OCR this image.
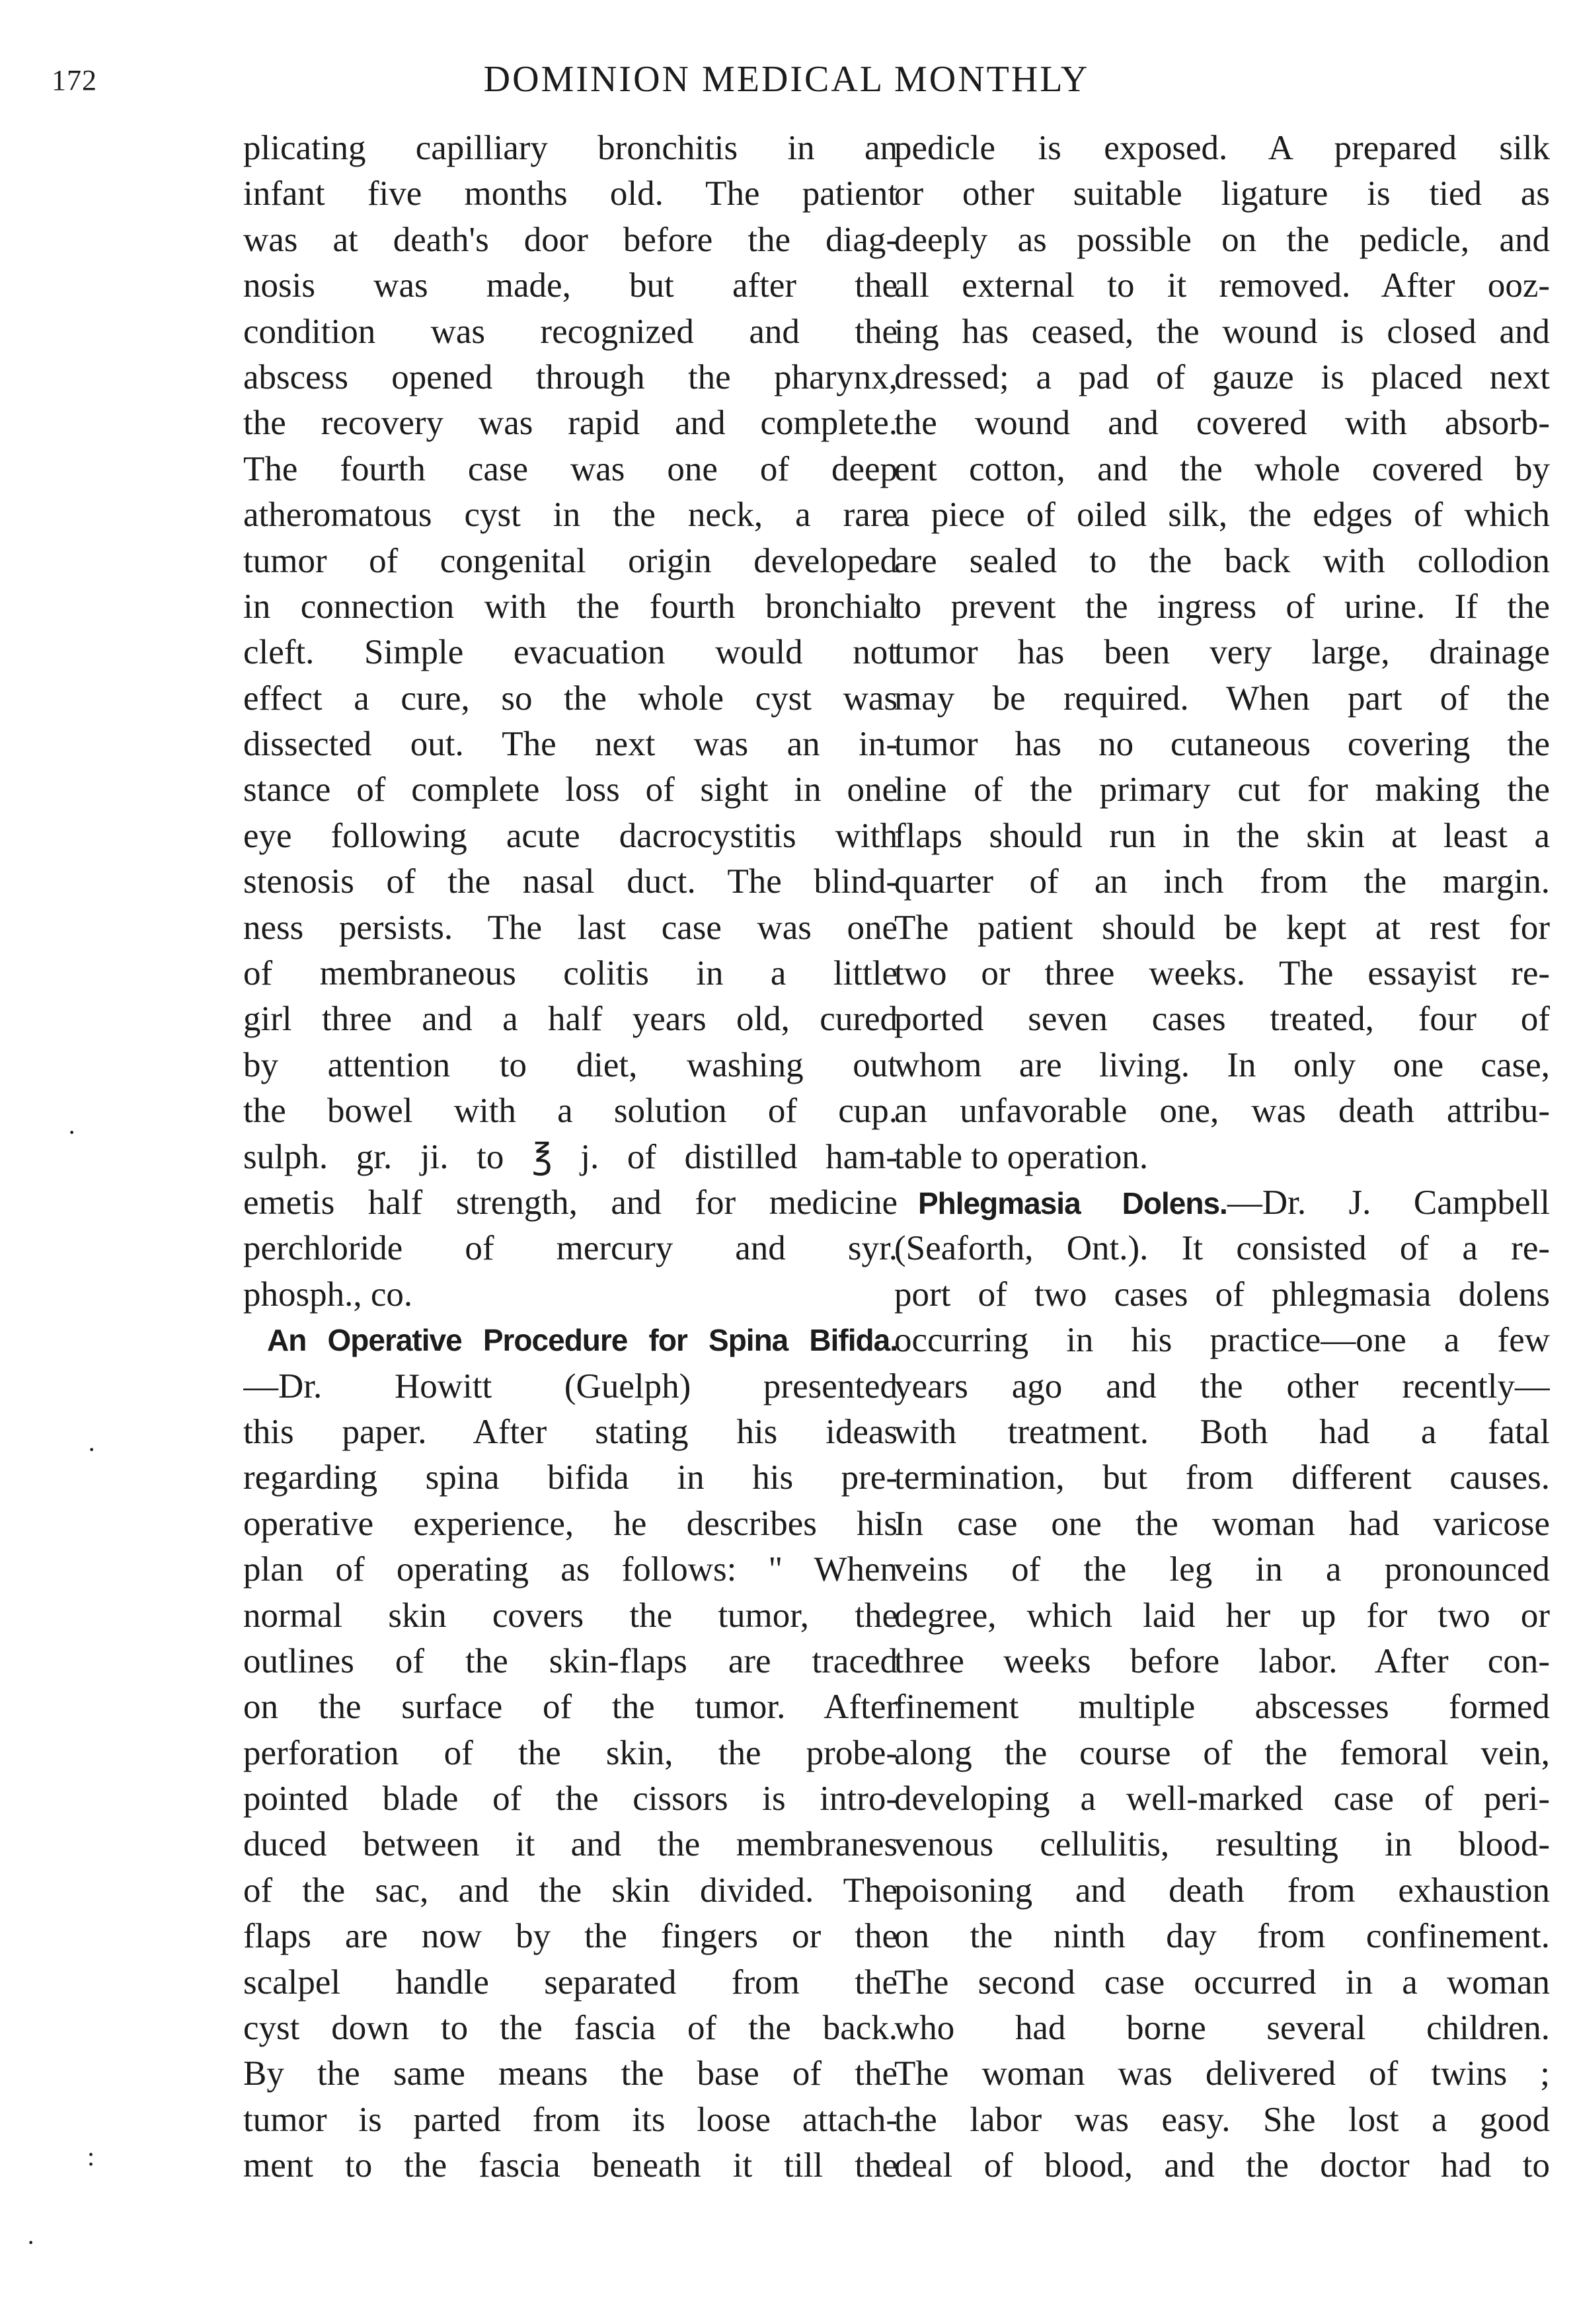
172	DOMINION MEDICAL MONTHLY
plicating capilliary bronchitis in an
infant five months old. The patient
was at death's door before the diag-
nosis was made, but after the
condition was recognized and the
abscess opened through the pharynx,
the recovery was rapid and complete.
The fourth case was one of deep
atheromatous cyst in the neck, a rare
tumor of congenital origin developed
in connection with the fourth bronchial
cleft. Simple evacuation would not
effect a cure, so the whole cyst was
dissected out. The next was an in-
stance of complete loss of sight in one
eye following acute dacrocystitis with
stenosis of the nasal duct. The blind-
ness persists. The last case was one
of membraneous colitis in a little
girl three and a half years old, cured
by attention to diet, washing out
the bowel with a solution of cup.
sulph. gr. ji. to ℥ j. of distilled ham-
emetis half strength, and for medicine
perchloride of mercury and syr.
phosph., co.
An Operative Procedure for Spina Bifida.
—Dr. Howitt (Guelph) presented
this paper. After stating his ideas
regarding spina bifida in his pre-
operative experience, he describes his
plan of operating as follows: " When
normal skin covers the tumor, the
outlines of the skin-flaps are traced
on the surface of the tumor. After
perforation of the skin, the probe-
pointed blade of the cissors is intro-
duced between it and the membranes
of the sac, and the skin divided. The
flaps are now by the fingers or the
scalpel handle separated from the
cyst down to the fascia of the back.
By the same means the base of the
tumor is parted from its loose attach-
ment to the fascia beneath it till the
pedicle is exposed. A prepared silk
or other suitable ligature is tied as
deeply as possible on the pedicle, and
all external to it removed. After ooz-
ing has ceased, the wound is closed and
dressed; a pad of gauze is placed next
the wound and covered with absorb-
ent cotton, and the whole covered by
a piece of oiled silk, the edges of which
are sealed to the back with collodion
to prevent the ingress of urine. If the
tumor has been very large, drainage
may be required. When part of the
tumor has no cutaneous covering the
line of the primary cut for making the
flaps should run in the skin at least a
quarter of an inch from the margin.
The patient should be kept at rest for
two or three weeks. The essayist re-
ported seven cases treated, four of
whom are living. In only one case,
an unfavorable one, was death attribu-
table to operation.
Phlegmasia Dolens.—Dr. J. Campbell
(Seaforth, Ont.). It consisted of a re-
port of two cases of phlegmasia dolens
occurring in his practice—one a few
years ago and the other recently—
with treatment. Both had a fatal
termination, but from different causes.
In case one the woman had varicose
veins of the leg in a pronounced
degree, which laid her up for two or
three weeks before labor. After con-
finement multiple abscesses formed
along the course of the femoral vein,
developing a well-marked case of peri-
venous cellulitis, resulting in blood-
poisoning and death from exhaustion
on the ninth day from confinement.
The second case occurred in a woman
who had borne several children.
The woman was delivered of twins ;
the labor was easy. She lost a good
deal of blood, and the doctor had to
·
·
:
·
